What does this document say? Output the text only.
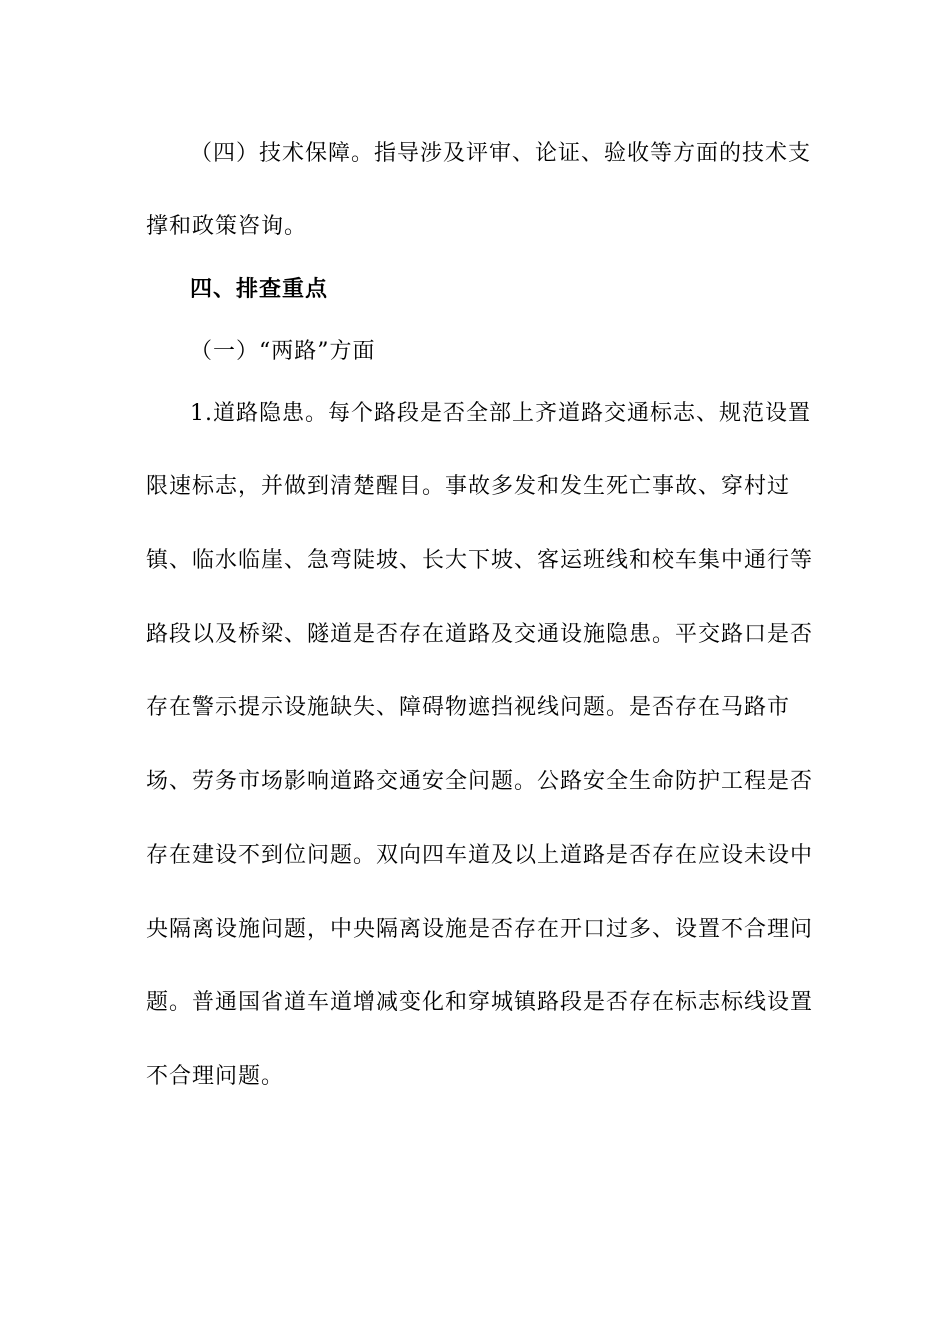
（四）技术保障。指导涉及评审、论证、验收等方面的技术支
撑和政策咨询。
四、排查重点
（一）“两路”方面
1.道路隐患。每个路段是否全部上齐道路交通标志、规范设置
限速标志，并做到清楚醒目。事故多发和发生死亡事故、穿村过
镇、临水临崖、急弯陡坡、长大下坡、客运班线和校车集中通行等
路段以及桥梁、隧道是否存在道路及交通设施隐患。平交路口是否
存在警示提示设施缺失、障碍物遮挡视线问题。是否存在马路市
场、劳务市场影响道路交通安全问题。公路安全生命防护工程是否
存在建设不到位问题。双向四车道及以上道路是否存在应设未设中
央隔离设施问题，中央隔离设施是否存在开口过多、设置不合理问
题。普通国省道车道增减变化和穿城镇路段是否存在标志标线设置
不合理问题。
